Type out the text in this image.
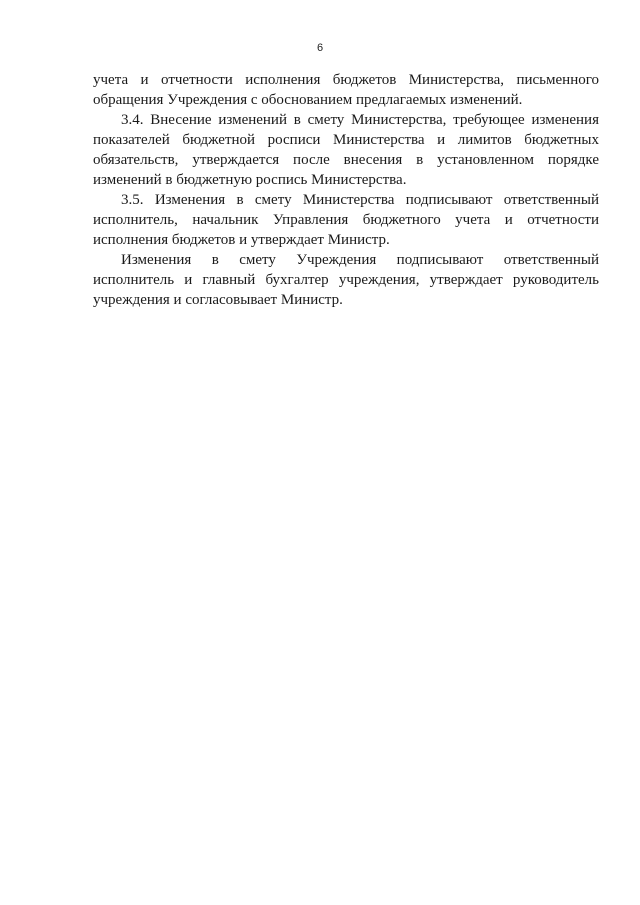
6

учета и отчетности исполнения бюджетов Министерства, письменного обращения Учреждения с обоснованием предлагаемых изменений.

3.4. Внесение изменений в смету Министерства, требующее изменения показателей бюджетной росписи Министерства и лимитов бюджетных обязательств, утверждается после внесения в установленном порядке изменений в бюджетную роспись Министерства.

3.5. Изменения в смету Министерства подписывают ответственный исполнитель, начальник Управления бюджетного учета и отчетности исполнения бюджетов и утверждает Министр.

Изменения в смету Учреждения подписывают ответственный исполнитель и главный бухгалтер учреждения, утверждает руководитель учреждения и согласовывает Министр.
